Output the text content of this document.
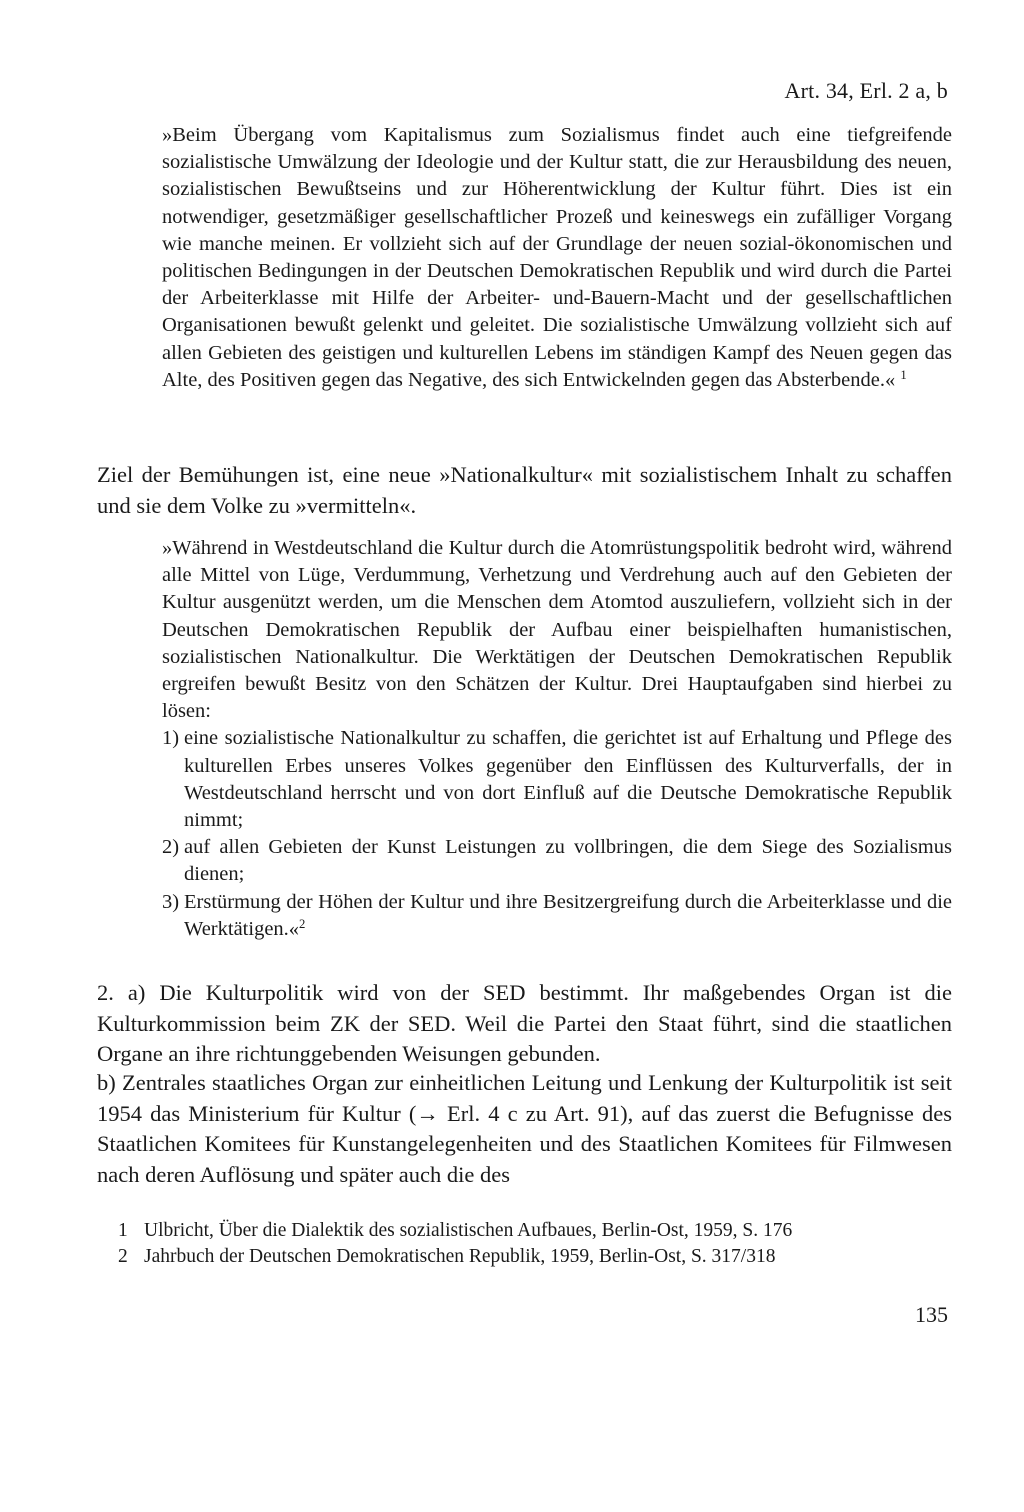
Art. 34, Erl. 2 a, b
»Beim Übergang vom Kapitalismus zum Sozialismus findet auch eine tiefgreifende sozialistische Umwälzung der Ideologie und der Kultur statt, die zur Herausbildung des neuen, sozialistischen Bewußtseins und zur Höherentwicklung der Kultur führt. Dies ist ein notwendiger, gesetzmäßiger gesellschaftlicher Prozeß und keineswegs ein zufälliger Vorgang wie manche meinen. Er vollzieht sich auf der Grundlage der neuen sozial-ökonomischen und politischen Bedingungen in der Deutschen Demokratischen Republik und wird durch die Partei der Arbeiterklasse mit Hilfe der Arbeiter- und-Bauern-Macht und der gesellschaftlichen Organisationen bewußt gelenkt und geleitet. Die sozialistische Umwälzung vollzieht sich auf allen Gebieten des geistigen und kulturellen Lebens im ständigen Kampf des Neuen gegen das Alte, des Positiven gegen das Negative, des sich Entwickelnden gegen das Absterbende.« $^1$
Ziel der Bemühungen ist, eine neue »Nationalkultur« mit sozialistischem Inhalt zu schaffen und sie dem Volke zu »vermitteln«.
»Während in Westdeutschland die Kultur durch die Atomrüstungspolitik bedroht wird, während alle Mittel von Lüge, Verdummung, Verhetzung und Verdrehung auch auf den Gebieten der Kultur ausgenützt werden, um die Menschen dem Atomtod auszuliefern, vollzieht sich in der Deutschen Demokratischen Republik der Aufbau einer beispielhaften humanistischen, sozialistischen Nationalkultur. Die Werktätigen der Deutschen Demokratischen Republik ergreifen bewußt Besitz von den Schätzen der Kultur. Drei Hauptaufgaben sind hierbei zu lösen:
1) eine sozialistische Nationalkultur zu schaffen, die gerichtet ist auf Erhaltung und Pflege des kulturellen Erbes unseres Volkes gegenüber den Einflüssen des Kulturverfalls, der in Westdeutschland herrscht und von dort Einfluß auf die Deutsche Demokratische Republik nimmt;
2) auf allen Gebieten der Kunst Leistungen zu vollbringen, die dem Siege des Sozialismus dienen;
3) Erstürmung der Höhen der Kultur und ihre Besitzergreifung durch die Arbeiterklasse und die Werktätigen.«$^2$
2. a) Die Kulturpolitik wird von der SED bestimmt. Ihr maßgebendes Organ ist die Kulturkommission beim ZK der SED. Weil die Partei den Staat führt, sind die staatlichen Organe an ihre richtunggebenden Weisungen gebunden.
b) Zentrales staatliches Organ zur einheitlichen Leitung und Lenkung der Kulturpolitik ist seit 1954 das Ministerium für Kultur (→ Erl. 4 c zu Art. 91), auf das zuerst die Befugnisse des Staatlichen Komitees für Kunstangelegenheiten und des Staatlichen Komitees für Filmwesen nach deren Auflösung und später auch die des
1 Ulbricht, Über die Dialektik des sozialistischen Aufbaues, Berlin-Ost, 1959, S. 176
2 Jahrbuch der Deutschen Demokratischen Republik, 1959, Berlin-Ost, S. 317/318
135
